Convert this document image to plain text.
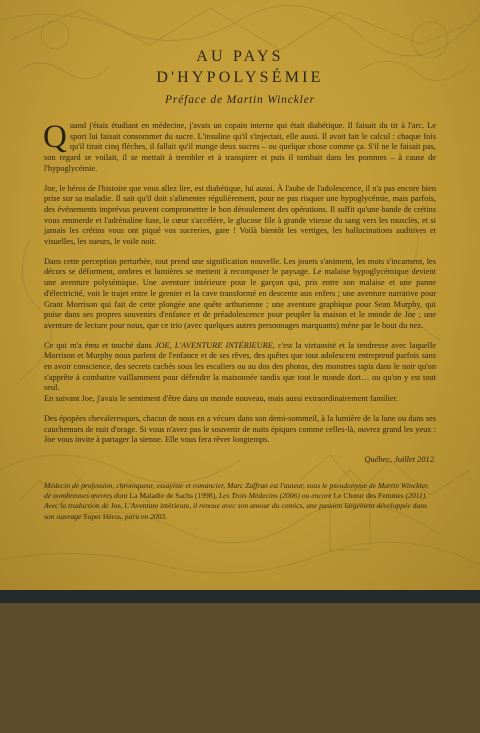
AU PAYS
D'HYPOLYSÉMIE
Préface de Martin Winckler

Quand j'étais étudiant en médecine, j'avais un copain interne qui était diabétique. Il faisait du tir à l'arc. Le sport lui faisait consommer du sucre. L'insuline qu'il s'injectait, elle aussi. Il avait fait le calcul : chaque fois qu'il tirait cinq flèches, il fallait qu'il mange deux sucres – ou quelque chose comme ça. S'il ne le faisait pas, son regard se voilait, il se mettait à trembler et à transpirer et puis il tombait dans les pommes – à cause de l'hypoglycémie.

Joe, le héros de l'histoire que vous allez lire, est diabétique, lui aussi. À l'aube de l'adolescence, il n'a pas encore bien prise sur sa maladie. Il sait qu'il doit s'alimenter régulièrement, pour ne pas risquer une hypoglycémie, mais parfois, des événements imprévus peuvent compromettre le bon déroulement des opérations. Il suffit qu'une bande de crétins vous emmerde et l'adrénaline fuse, le cœur s'accélère, le glucose file à grande vitesse du sang vers les muscles, et si jamais les crétins vous ont piqué vos sucreries, gare ! Voilà bientôt les vertiges, les hallucinations auditives et visuelles, les sueurs, le voile noir.

Dans cette perception perturbée, tout prend une signification nouvelle. Les jouets s'animent, les mots s'incarnent, les décors se déforment, ombres et lumières se mettent à recomposer le paysage. Le malaise hypoglycémique devient une aventure polysémique. Une aventure intérieure pour le garçon qui, pris entre son malaise et une panne d'électricité, voit le trajet entre le grenier et la cave transformé en descente aux enfers ; une aventure narrative pour Grant Morrison qui fait de cette plongée une quête arthurienne ; une aventure graphique pour Sean Murphy, qui puise dans ses propres souvenirs d'enfance et de préadolescence pour peupler la maison et le monde de Joe ; une aventure de lecture pour nous, que ce trio (avec quelques autres personnages marquants) mène par le bout du nez.

Ce qui m'a ému et touché dans JOE, L'AVENTURE INTÉRIEURE, c'est la virtuosité et la tendresse avec laquelle Morrison et Murphy nous parlent de l'enfance et de ses rêves, des quêtes que tout adolescent entreprend parfois sans en avoir conscience, des secrets cachés sous les escaliers ou au dos des photos, des monstres tapis dans le noir qu'on s'apprête à combattre vaillamment pour défendre la maisonnée tandis que tout le monde dort… ou qu'on y est tout seul.
En suivant Joe, j'avais le sentiment d'être dans un monde nouveau, mais aussi extraordinairement familier.

Des épopées chevaleresques, chacun de nous en a vécues dans son demi-sommeil, à la lumière de la lune ou dans ses cauchemars de nuit d'orage. Si vous n'avez pas le souvenir de nuits épiques comme celles-là, ouvrez grand les yeux : Joe vous invite à partager la sienne. Elle vous fera rêver longtemps.

Québec, Juillet 2012.

Médecin de profession, chroniqueur, essayiste et romancier, Marc Zaffran est l'auteur, sous le pseudonyme de Martin Winckler, de nombreuses œuvres dont La Maladie de Sachs (1998), Les Trois Médecins (2006) ou encore Le Chœur des Femmes (2011). Avec la traduction de Joe, L'Aventure intérieure, il renoue avec son amour du comics, une passion largement développée dans son ouvrage Super Héros, paru en 2003.
